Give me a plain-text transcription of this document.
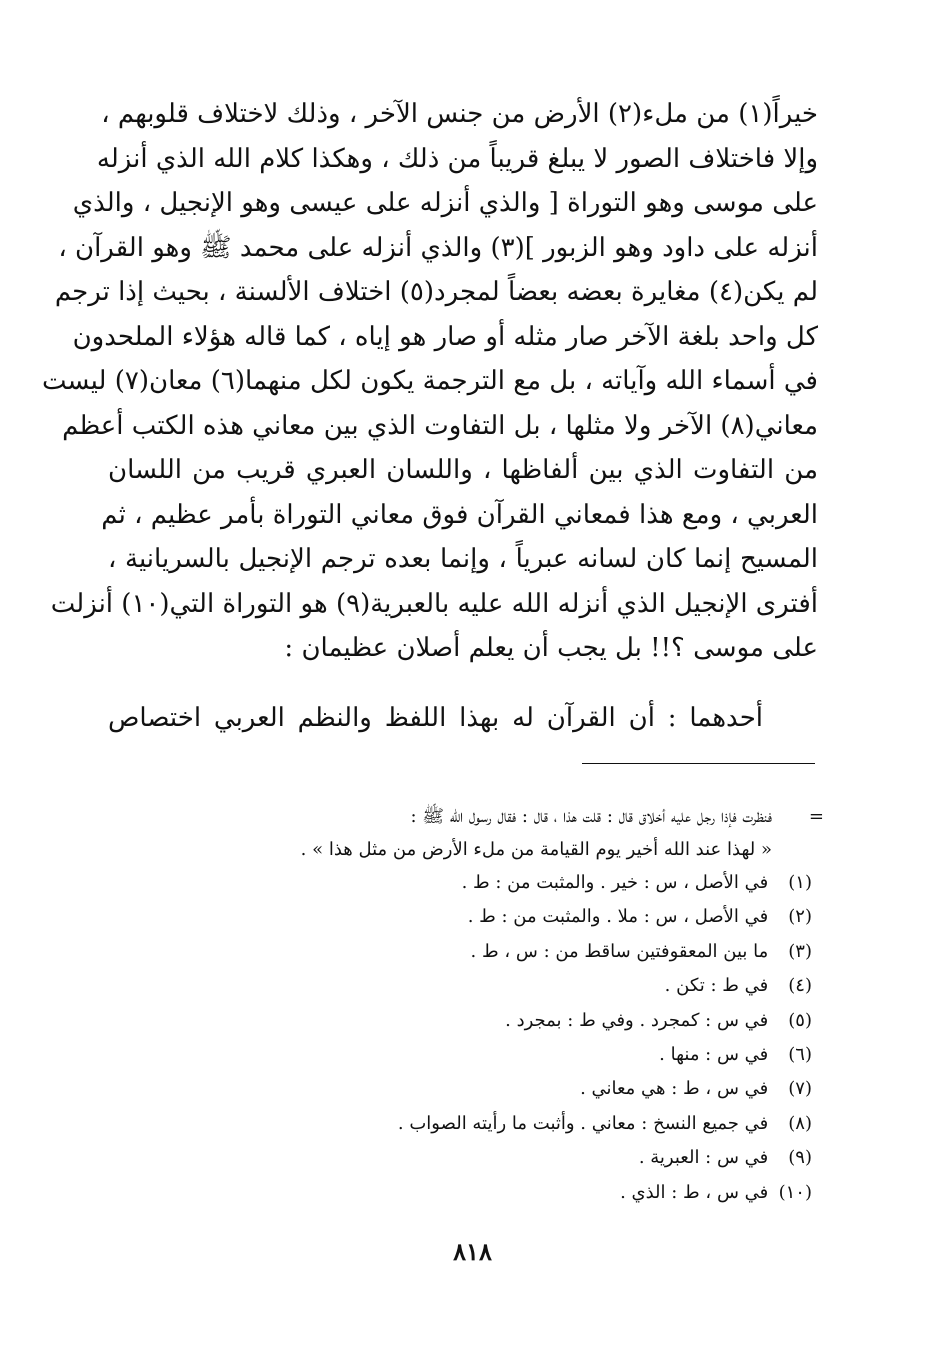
خيراً(١) من ملء(٢) الأرض من جنس الآخر ، وذلك لاختلاف قلوبهم ،
وإلا فاختلاف الصور لا يبلغ قريباً من ذلك ، وهكذا كلام الله الذي أنزله
على موسى وهو التوراة [ والذي أنزله على عيسى وهو الإنجيل ، والذي
أنزله على داود وهو الزبور ](٣) والذي أنزله على محمد ﷺ وهو القرآن ،
لم يكن(٤) مغايرة بعضه بعضاً لمجرد(٥) اختلاف الألسنة ، بحيث إذا ترجم
كل واحد بلغة الآخر صار مثله أو صار هو إياه ، كما قاله هؤلاء الملحدون
في أسماء الله وآياته ، بل مع الترجمة يكون لكل منهما(٦) معان(٧) ليست
معاني(٨) الآخر ولا مثلها ، بل التفاوت الذي بين معاني هذه الكتب أعظم
من التفاوت الذي بين ألفاظها ، واللسان العبري قريب من اللسان
العربي ، ومع هذا فمعاني القرآن فوق معاني التوراة بأمر عظيم ، ثم
المسيح إنما كان لسانه عبرياً ، وإنما بعده ترجم الإنجيل بالسريانية ،
أفترى الإنجيل الذي أنزله الله عليه بالعبرية(٩) هو التوراة التي(١٠) أنزلت
على موسى ؟!! بل يجب أن يعلم أصلان عظيمان :
أحدهما : أن القرآن له بهذا اللفظ والنظم العربي اختصاص
=
فنظرت فإذا رجل عليه أخلاق قال : قلت هذا ، قال : فقال رسول الله ﷺ :
« لهذا عند الله أخير يوم القيامة من ملء الأرض من مثل هذا » .
(١) في الأصل ، س : خير . والمثبت من : ط .
(٢) في الأصل ، س : ملا . والمثبت من : ط .
(٣) ما بين المعقوفتين ساقط من : س ، ط .
(٤) في ط : تكن .
(٥) في س : كمجرد . وفي ط : بمجرد .
(٦) في س : منها .
(٧) في س ، ط : هي معاني .
(٨) في جميع النسخ : معاني . وأثبت ما رأيته الصواب .
(٩) في س : العبرية .
(١٠) في س ، ط : الذي .
٨١٨
